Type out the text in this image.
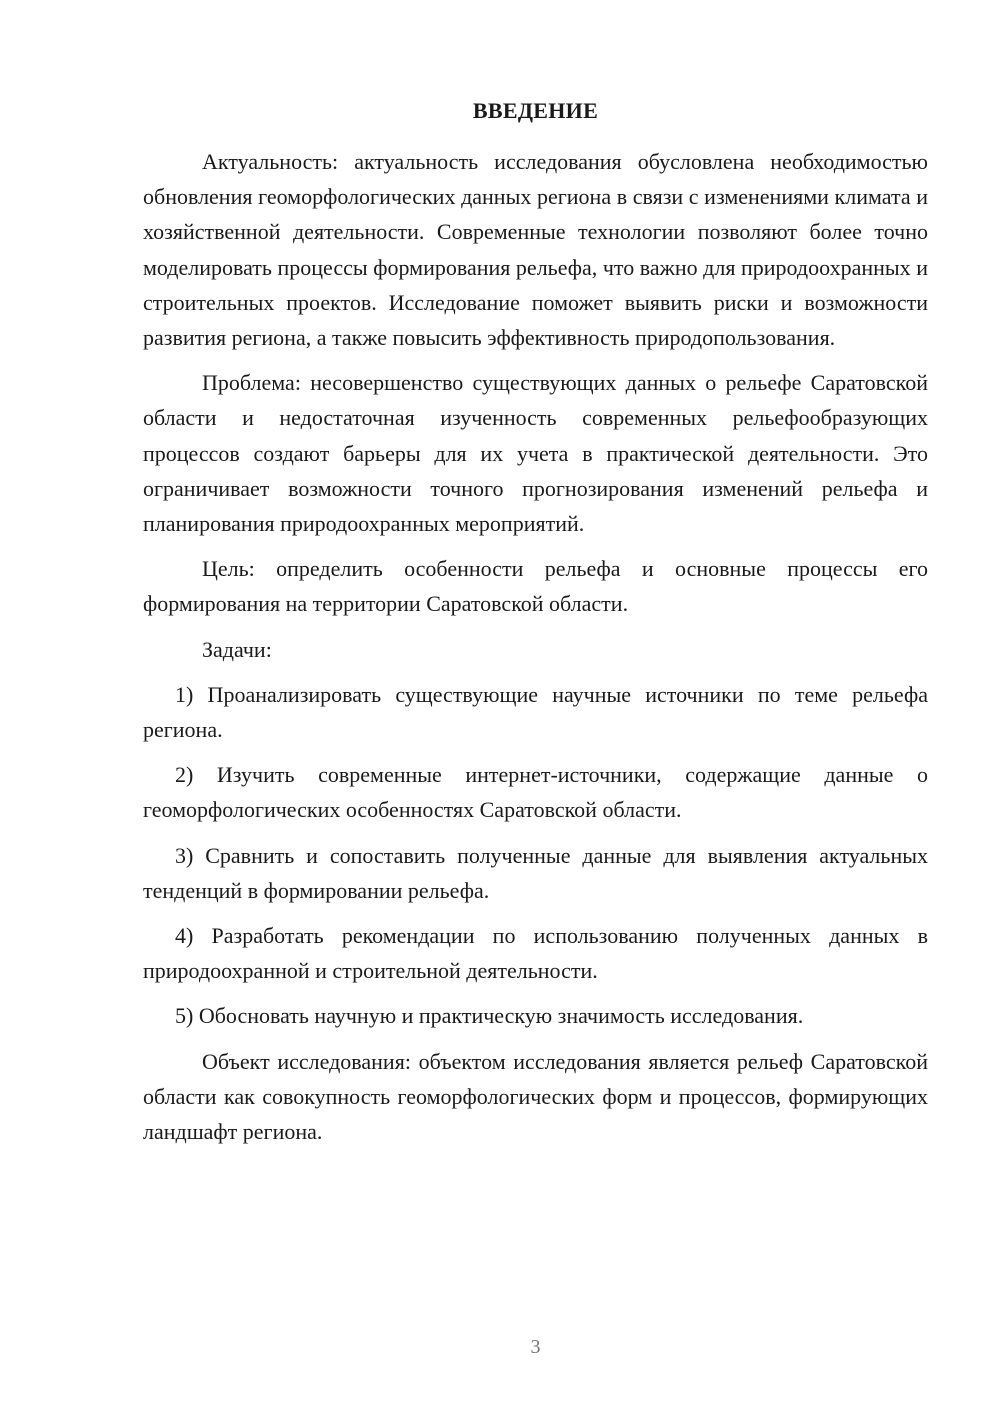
ВВЕДЕНИЕ

Актуальность: актуальность исследования обусловлена необходимостью обновления геоморфологических данных региона в связи с изменениями климата и хозяйственной деятельности. Современные технологии позволяют более точно моделировать процессы формирования рельефа, что важно для природоохранных и строительных проектов. Исследование поможет выявить риски и возможности развития региона, а также повысить эффективность природопользования.

Проблема: несовершенство существующих данных о рельефе Саратовской области и недостаточная изученность современных рельефообразующих процессов создают барьеры для их учета в практической деятельности. Это ограничивает возможности точного прогнозирования изменений рельефа и планирования природоохранных мероприятий.

Цель: определить особенности рельефа и основные процессы его формирования на территории Саратовской области.

Задачи:

1) Проанализировать существующие научные источники по теме рельефа региона.

2) Изучить современные интернет-источники, содержащие данные о геоморфологических особенностях Саратовской области.

3) Сравнить и сопоставить полученные данные для выявления актуальных тенденций в формировании рельефа.

4) Разработать рекомендации по использованию полученных данных в природоохранной и строительной деятельности.

5) Обосновать научную и практическую значимость исследования.

Объект исследования: объектом исследования является рельеф Саратовской области как совокупность геоморфологических форм и процессов, формирующих ландшафт региона.

3
